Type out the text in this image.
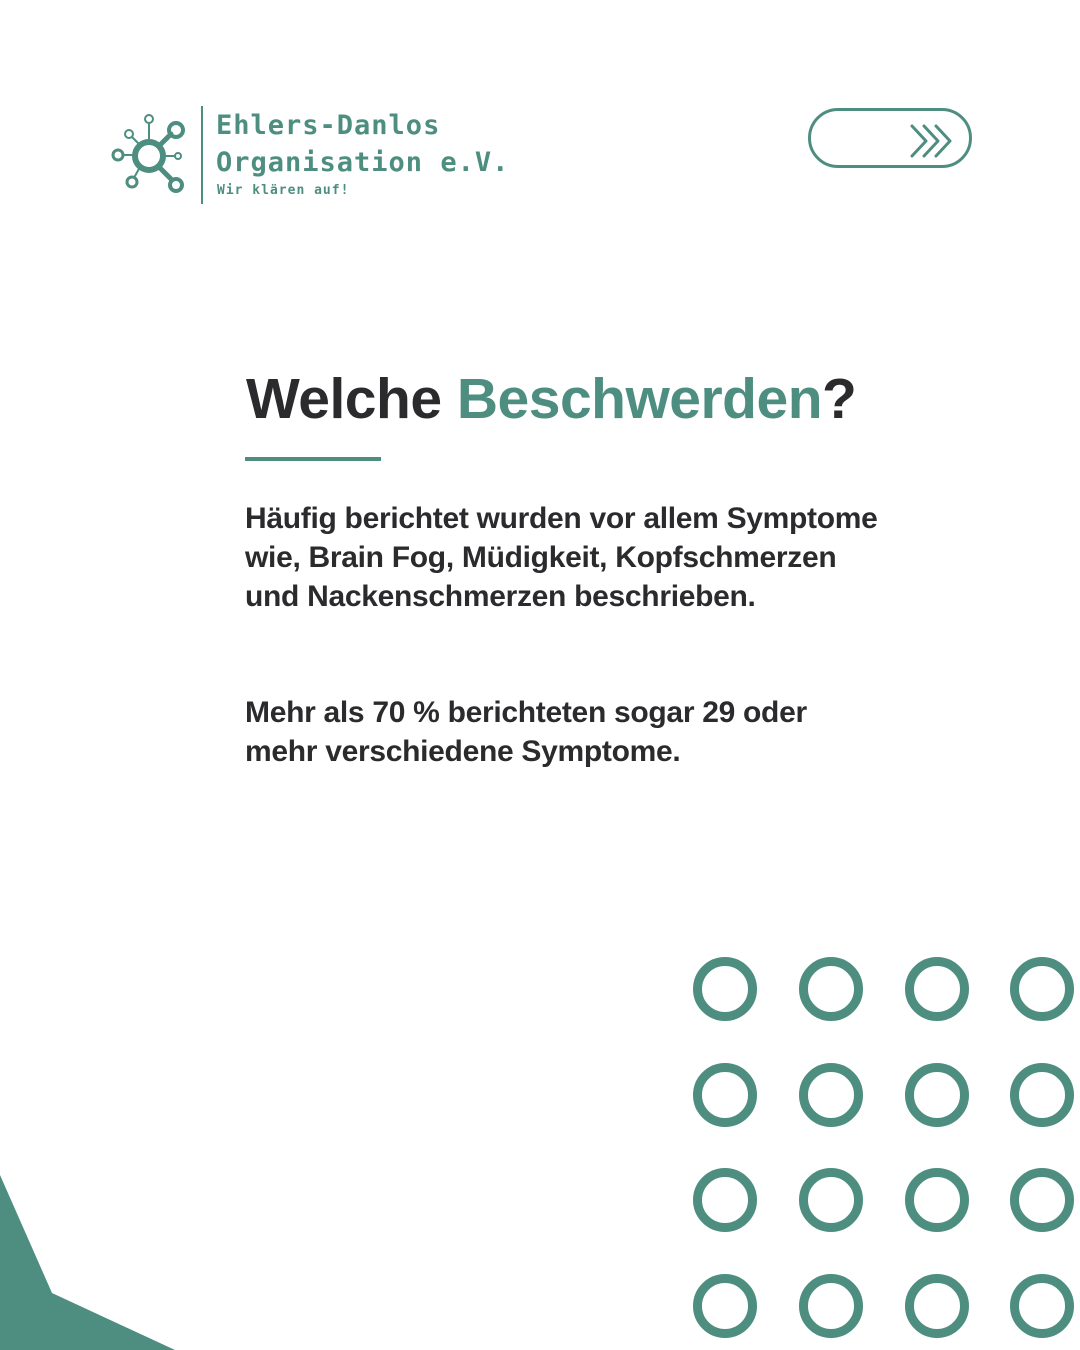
Ehlers-Danlos
Organisation e.V.
Wir klären auf!
Welche Beschwerden?

Häufig berichtet wurden vor allem Symptome wie, Brain Fog, Müdigkeit, Kopfschmerzen und Nackenschmerzen beschrieben.

Mehr als 70 % berichteten sogar 29 oder mehr verschiedene Symptome.
